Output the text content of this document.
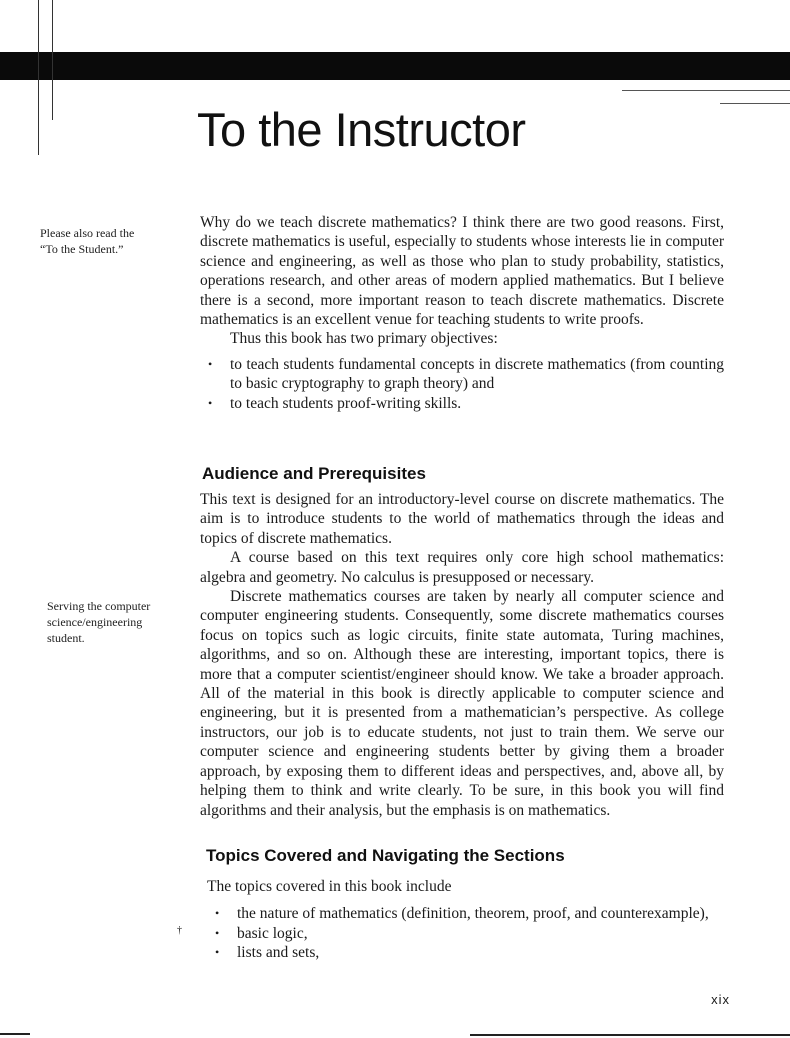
To the Instructor
Please also read the “To the Student.”
Serving the computer science/engineering student.

Why do we teach discrete mathematics? I think there are two good reasons. First, discrete mathematics is useful, especially to students whose interests lie in computer science and engineering, as well as those who plan to study probability, statistics, operations research, and other areas of modern applied mathematics. But I believe there is a second, more important reason to teach discrete mathematics. Discrete mathematics is an excellent venue for teaching students to write proofs.

Thus this book has two primary objectives:

• to teach students fundamental concepts in discrete mathematics (from counting to basic cryptography to graph theory) and
• to teach students proof-writing skills.
Audience and Prerequisites

This text is designed for an introductory-level course on discrete mathematics. The aim is to introduce students to the world of mathematics through the ideas and topics of discrete mathematics.

A course based on this text requires only core high school mathematics: algebra and geometry. No calculus is presupposed or necessary.

Discrete mathematics courses are taken by nearly all computer science and computer engineering students. Consequently, some discrete mathematics courses focus on topics such as logic circuits, finite state automata, Turing machines, algorithms, and so on. Although these are interesting, important topics, there is more that a computer scientist/engineer should know. We take a broader approach. All of the material in this book is directly applicable to computer science and engineering, but it is presented from a mathematician’s perspective. As college instructors, our job is to educate students, not just to train them. We serve our computer science and engineering students better by giving them a broader approach, by exposing them to different ideas and perspectives, and, above all, by helping them to think and write clearly. To be sure, in this book you will find algorithms and their analysis, but the emphasis is on mathematics.

Topics Covered and Navigating the Sections

The topics covered in this book include

• the nature of mathematics (definition, theorem, proof, and counterexample),
• basic logic,
• lists and sets,
†
xix
